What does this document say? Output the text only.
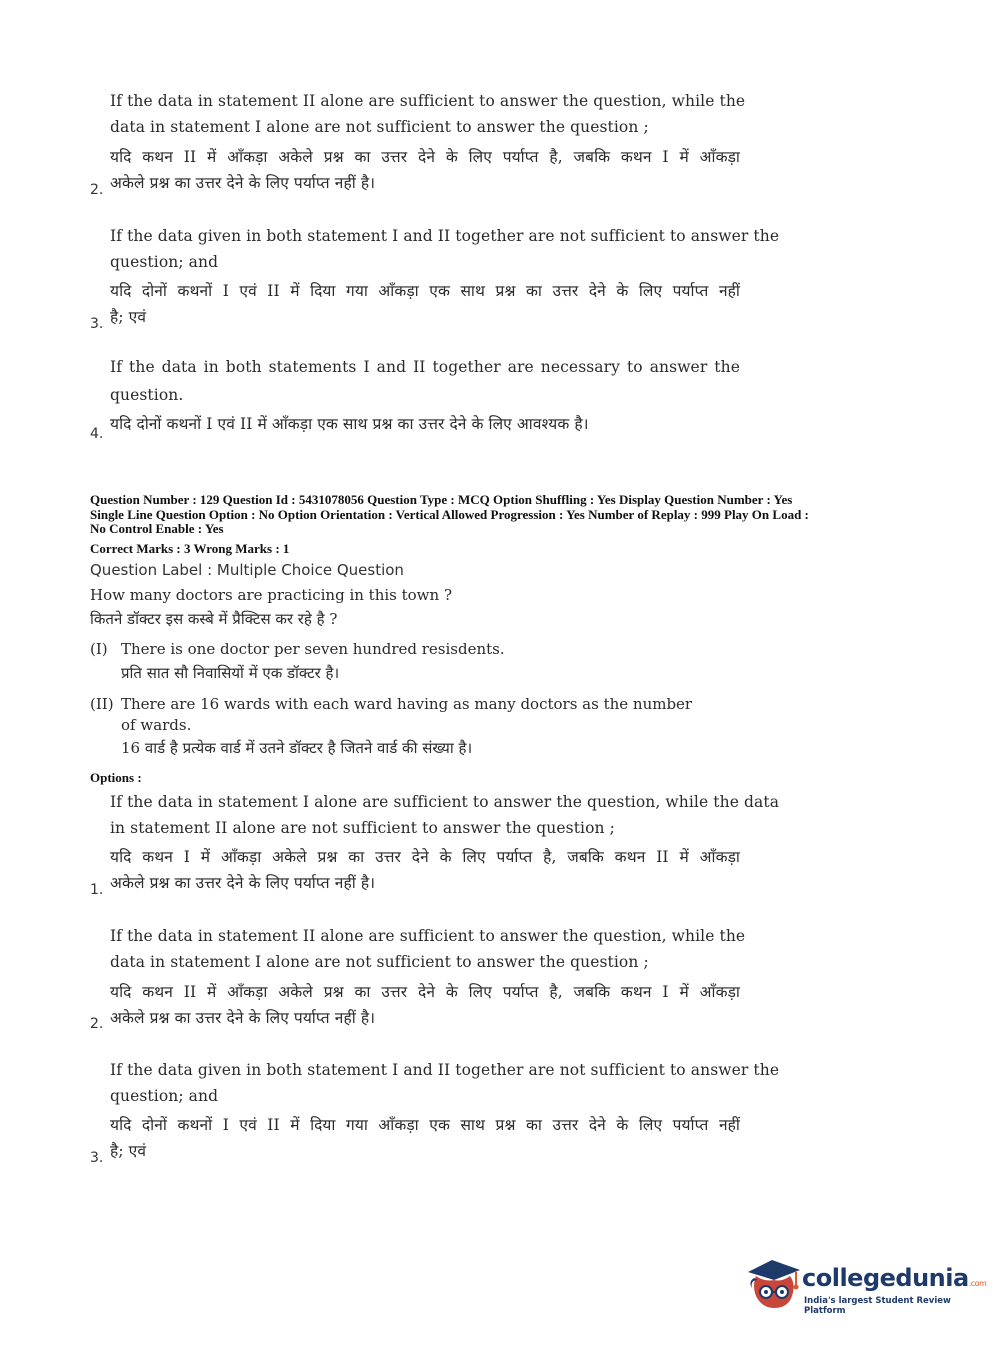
If the data in statement II alone are sufficient to answer the question, while the
data in statement I alone are not sufficient to answer the question ;
यदि कथन II में आँकड़ा अकेले प्रश्न का उत्तर देने के लिए पर्याप्त है, जबकि कथन I में आँकड़ा
अकेले प्रश्न का उत्तर देने के लिए पर्याप्त नहीं है।
2.
If the data given in both statement I and II together are not sufficient to answer the
question; and
यदि दोनों कथनों I एवं II में दिया गया आँकड़ा एक साथ प्रश्न का उत्तर देने के लिए पर्याप्त नहीं
है; एवं
3.
If the data in both statements I and II together are necessary to answer the
question.
यदि दोनों कथनों I एवं II में आँकड़ा एक साथ प्रश्न का उत्तर देने के लिए आवश्यक है।
4.
Question Number : 129 Question Id : 5431078056 Question Type : MCQ Option Shuffling : Yes Display Question Number : Yes
Single Line Question Option : No Option Orientation : Vertical Allowed Progression : Yes Number of Replay : 999 Play On Load :
No Control Enable : Yes
Correct Marks : 3 Wrong Marks : 1
Question Label : Multiple Choice Question
How many doctors are practicing in this town ?
कितने डॉक्टर इस कस्बे में प्रैक्टिस कर रहे है ?
(I) There is one doctor per seven hundred resisdents.
प्रति सात सौ निवासियों में एक डॉक्टर है।
(II) There are 16 wards with each ward having as many doctors as the number
of wards.
16 वार्ड है प्रत्येक वार्ड में उतने डॉक्टर है जितने वार्ड की संख्या है।
Options :
If the data in statement I alone are sufficient to answer the question, while the data
in statement II alone are not sufficient to answer the question ;
यदि कथन I में आँकड़ा अकेले प्रश्न का उत्तर देने के लिए पर्याप्त है, जबकि कथन II में आँकड़ा
अकेले प्रश्न का उत्तर देने के लिए पर्याप्त नहीं है।
1.
If the data in statement II alone are sufficient to answer the question, while the
data in statement I alone are not sufficient to answer the question ;
यदि कथन II में आँकड़ा अकेले प्रश्न का उत्तर देने के लिए पर्याप्त है, जबकि कथन I में आँकड़ा
अकेले प्रश्न का उत्तर देने के लिए पर्याप्त नहीं है।
2.
If the data given in both statement I and II together are not sufficient to answer the
question; and
यदि दोनों कथनों I एवं II में दिया गया आँकड़ा एक साथ प्रश्न का उत्तर देने के लिए पर्याप्त नहीं
है; एवं
3.
collegedunia.com
India's largest Student Review Platform
